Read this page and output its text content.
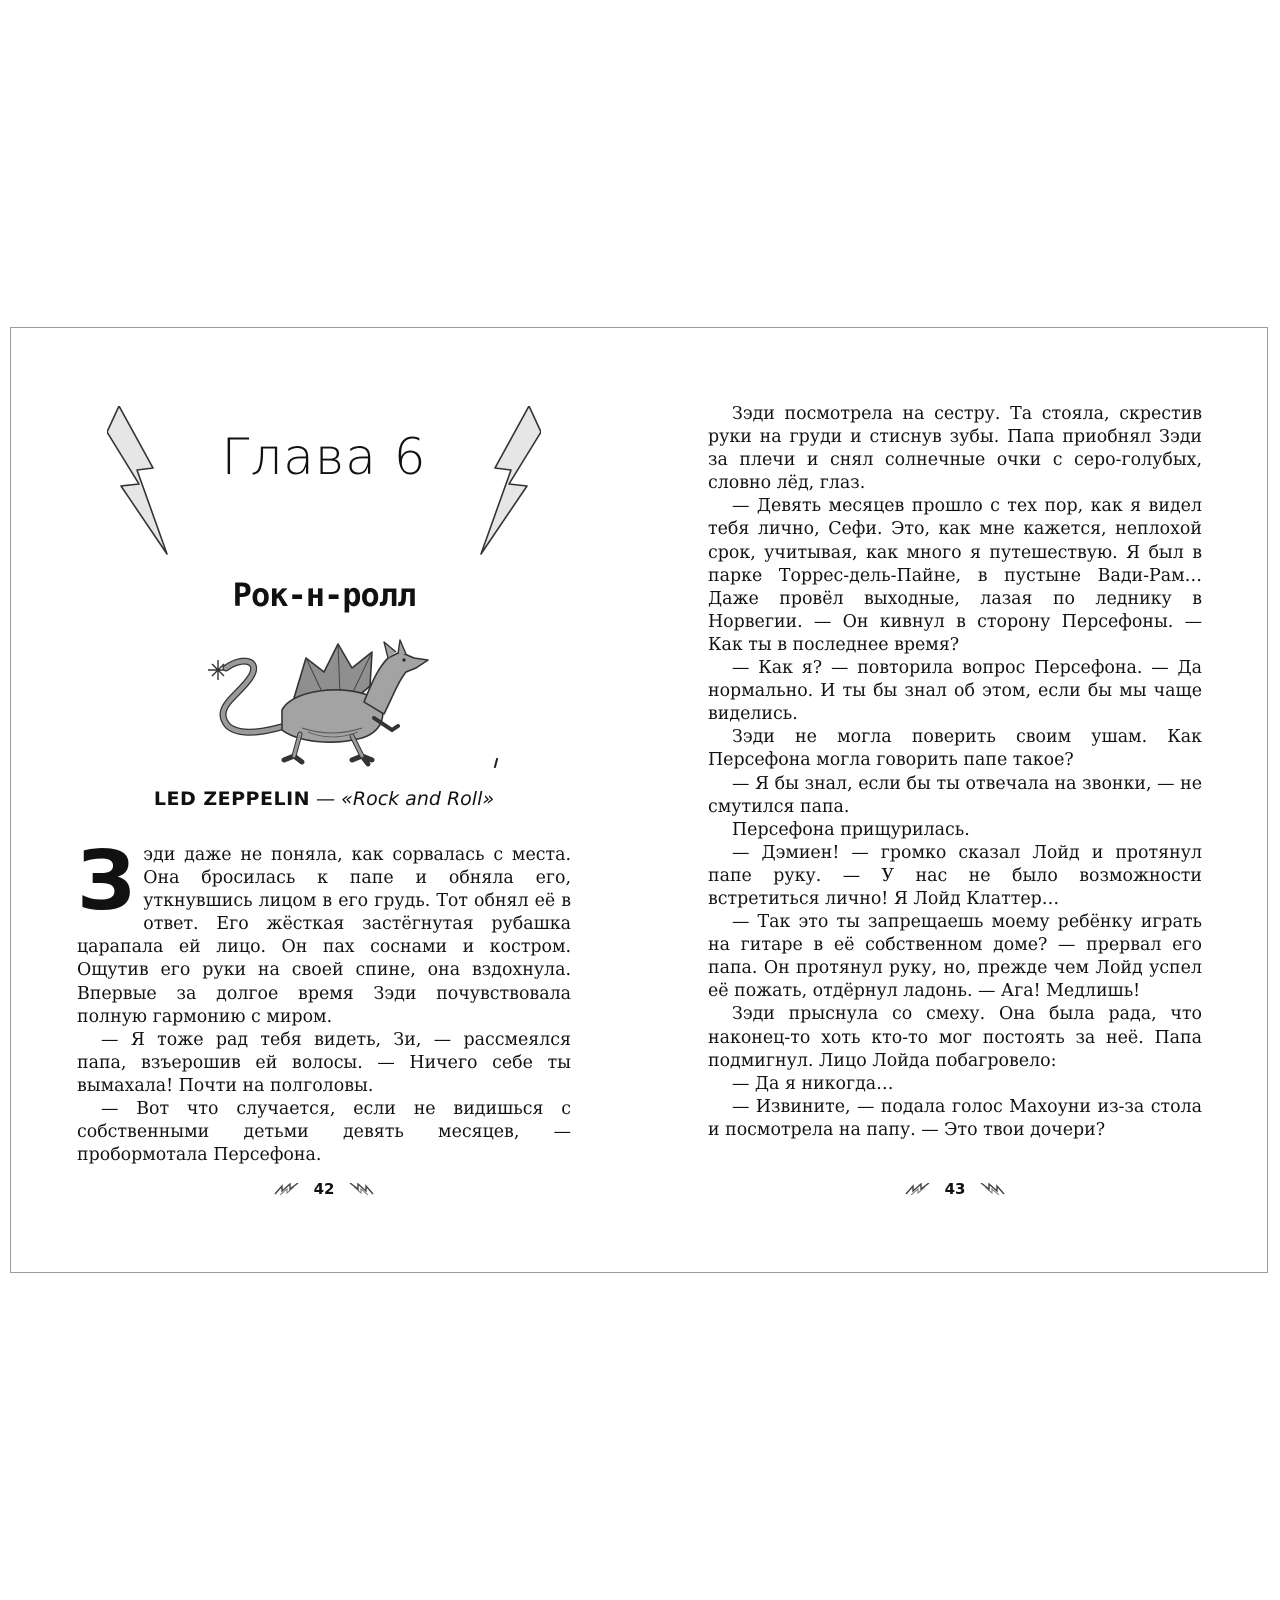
Глава 6
Рок-н-ролл
LED ZEPPELIN — «Rock and Roll»

Зэди даже не поняла, как сорвалась с места. Она бросилась к папе и обняла его, уткнувшись лицом в его грудь. Тот обнял её в ответ. Его жёсткая застёгнутая рубашка царапала ей лицо. Он пах соснами и костром. Ощутив его руки на своей спине, она вздохнула. Впервые за долгое время Зэди почувствовала полную гармонию с миром.

— Я тоже рад тебя видеть, Зи, — рассмеялся папа, взъерошив ей волосы. — Ничего себе ты вымахала! Почти на полголовы.

— Вот что случается, если не видишься с собственными детьми девять месяцев, — пробормотала Персефона.

42

Зэди посмотрела на сестру. Та стояла, скрестив руки на груди и стиснув зубы. Папа приобнял Зэди за плечи и снял солнечные очки с серо-голубых, словно лёд, глаз.

— Девять месяцев прошло с тех пор, как я видел тебя лично, Сефи. Это, как мне кажется, неплохой срок, учитывая, как много я путешествую. Я был в парке Торрес-дель-Пайне, в пустыне Вади-Рам… Даже провёл выходные, лазая по леднику в Норвегии. — Он кивнул в сторону Персефоны. — Как ты в последнее время?

— Как я? — повторила вопрос Персефона. — Да нормально. И ты бы знал об этом, если бы мы чаще виделись.

Зэди не могла поверить своим ушам. Как Персефона могла говорить папе такое?

— Я бы знал, если бы ты отвечала на звонки, — не смутился папа.

Персефона прищурилась.

— Дэмиен! — громко сказал Лойд и протянул папе руку. — У нас не было возможности встретиться лично! Я Лойд Клаттер…

— Так это ты запрещаешь моему ребёнку играть на гитаре в её собственном доме? — прервал его папа. Он протянул руку, но, прежде чем Лойд успел её пожать, отдёрнул ладонь. — Ага! Медлишь!

Зэди прыснула со смеху. Она была рада, что наконец-то хоть кто-то мог постоять за неё. Папа подмигнул. Лицо Лойда побагровело:

— Да я никогда…

— Извините, — подала голос Махоуни из-за стола и посмотрела на папу. — Это твои дочери?

43
